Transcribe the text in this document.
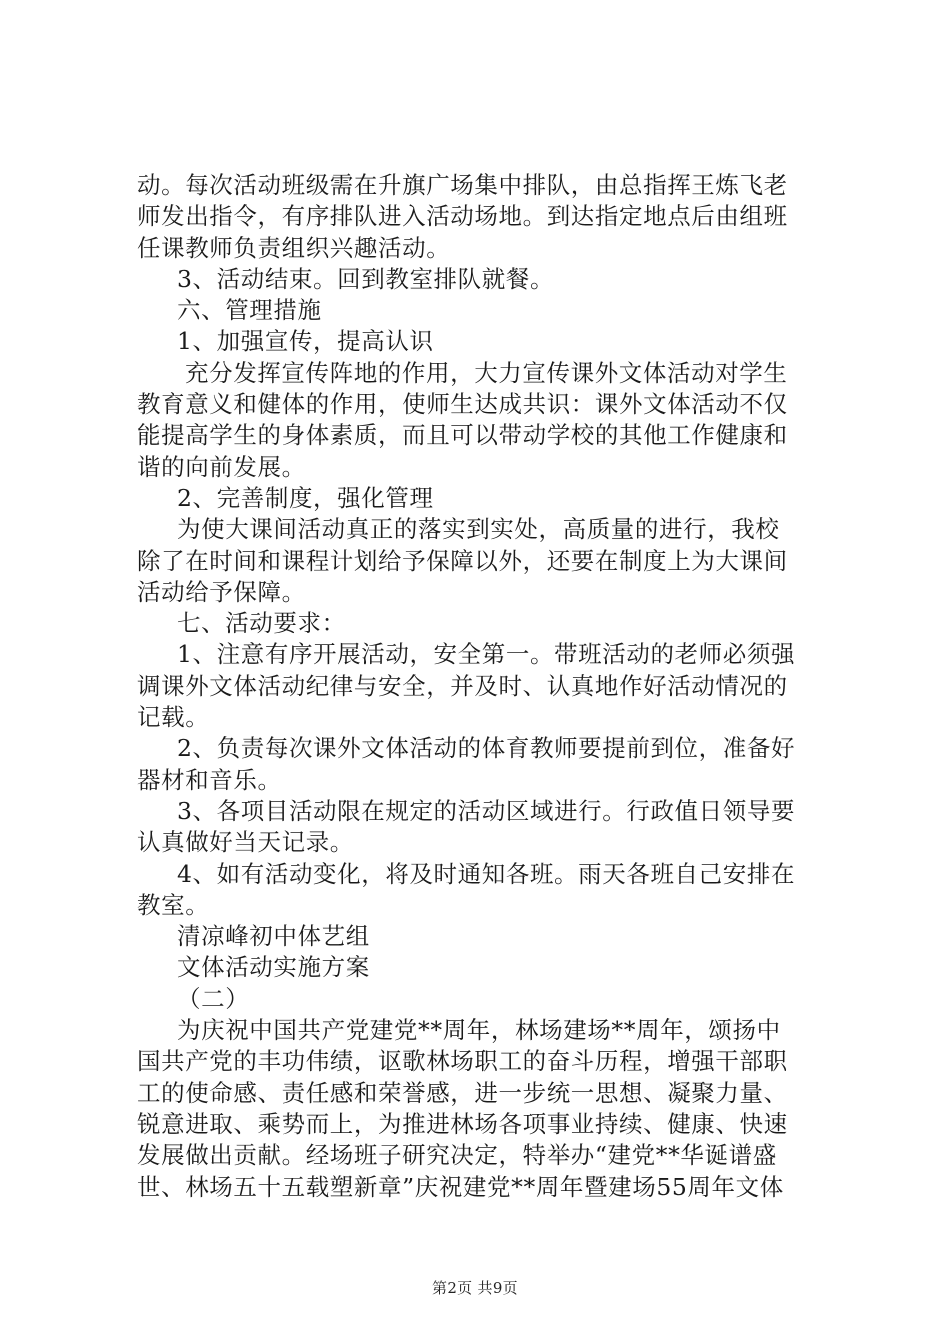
动。每次活动班级需在升旗广场集中排队，由总指挥王炼飞老
师发出指令，有序排队进入活动场地。到达指定地点后由组班
任课教师负责组织兴趣活动。
3、活动结束。回到教室排队就餐。
六、管理措施
1、加强宣传，提高认识
充分发挥宣传阵地的作用，大力宣传课外文体活动对学生
教育意义和健体的作用，使师生达成共识：课外文体活动不仅
能提高学生的身体素质，而且可以带动学校的其他工作健康和
谐的向前发展。
2、完善制度，强化管理
为使大课间活动真正的落实到实处，高质量的进行，我校
除了在时间和课程计划给予保障以外，还要在制度上为大课间
活动给予保障。
七、活动要求：
1、注意有序开展活动，安全第一。带班活动的老师必须强
调课外文体活动纪律与安全，并及时、认真地作好活动情况的
记载。
2、负责每次课外文体活动的体育教师要提前到位，准备好
器材和音乐。
3、各项目活动限在规定的活动区域进行。行政值日领导要
认真做好当天记录。
4、如有活动变化，将及时通知各班。雨天各班自己安排在
教室。
清凉峰初中体艺组
文体活动实施方案
（二）
为庆祝中国共产党建党**周年，林场建场**周年，颂扬中
国共产党的丰功伟绩，讴歌林场职工的奋斗历程，增强干部职
工的使命感、责任感和荣誉感，进一步统一思想、凝聚力量、
锐意进取、乘势而上，为推进林场各项事业持续、健康、快速
发展做出贡献。经场班子研究决定，特举办“建党**华诞谱盛
世、林场五十五载塑新章”庆祝建党**周年暨建场55周年文体
第2页 共9页
